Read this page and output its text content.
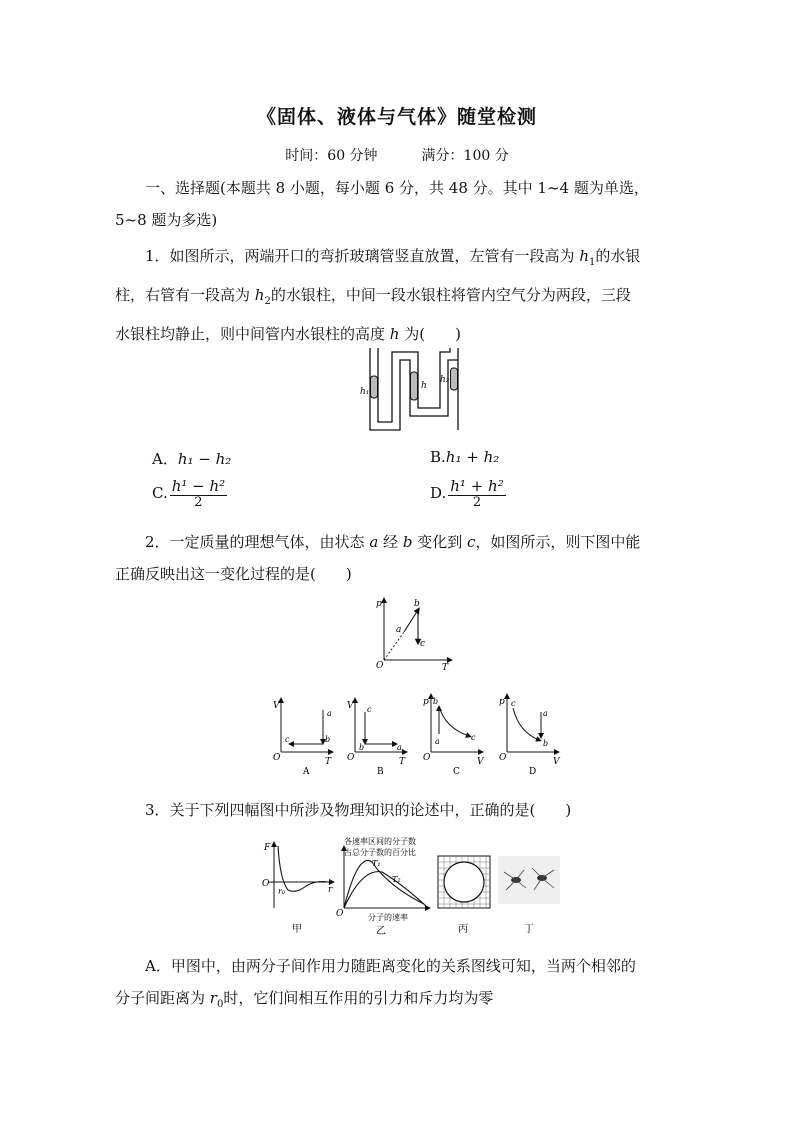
《固体、液体与气体》随堂检测
时间：60 分钟	满分：100 分
一、选择题(本题共 8 小题，每小题 6 分，共 48 分。其中 1~4 题为单选，
5~8 题为多选)
1．如图所示，两端开口的弯折玻璃管竖直放置，左管有一段高为 $h_1$的水银
柱，右管有一段高为 $h_2$的水银柱，中间一段水银柱将管内空气分为两段，三段
水银柱均静止，则中间管内水银柱的高度 h 为(　　)
h₁
h
h₂
A．h₁ − h₂	B.h₁ + h₂
C. $\frac{\text{h¹ − h²}}{2}$	D. $\frac{\text{h¹ + h²}}{2}$
2．一定质量的理想气体，由状态 a 经 b 变化到 c，如图所示，则下图中能
正确反映出这一变化过程的是(　　)
p
T
O
a
b
c
a
b
c
V
T
O
A
c
b	a
V
T
O
B
b
a	c
p
V
O
C
c
a
b
p
V
O
D
3．关于下列四幅图中所涉及物理知识的论述中，正确的是(　　)
F
O
r₀	r
甲
各速率区间的分子数
占总分子数的百分比
T₁
T₂
O	分子的速率
乙	丙	丁
A．甲图中，由两分子间作用力随距离变化的关系图线可知，当两个相邻的
分子间距离为 $r_0$时，它们间相互作用的引力和斥力均为零
